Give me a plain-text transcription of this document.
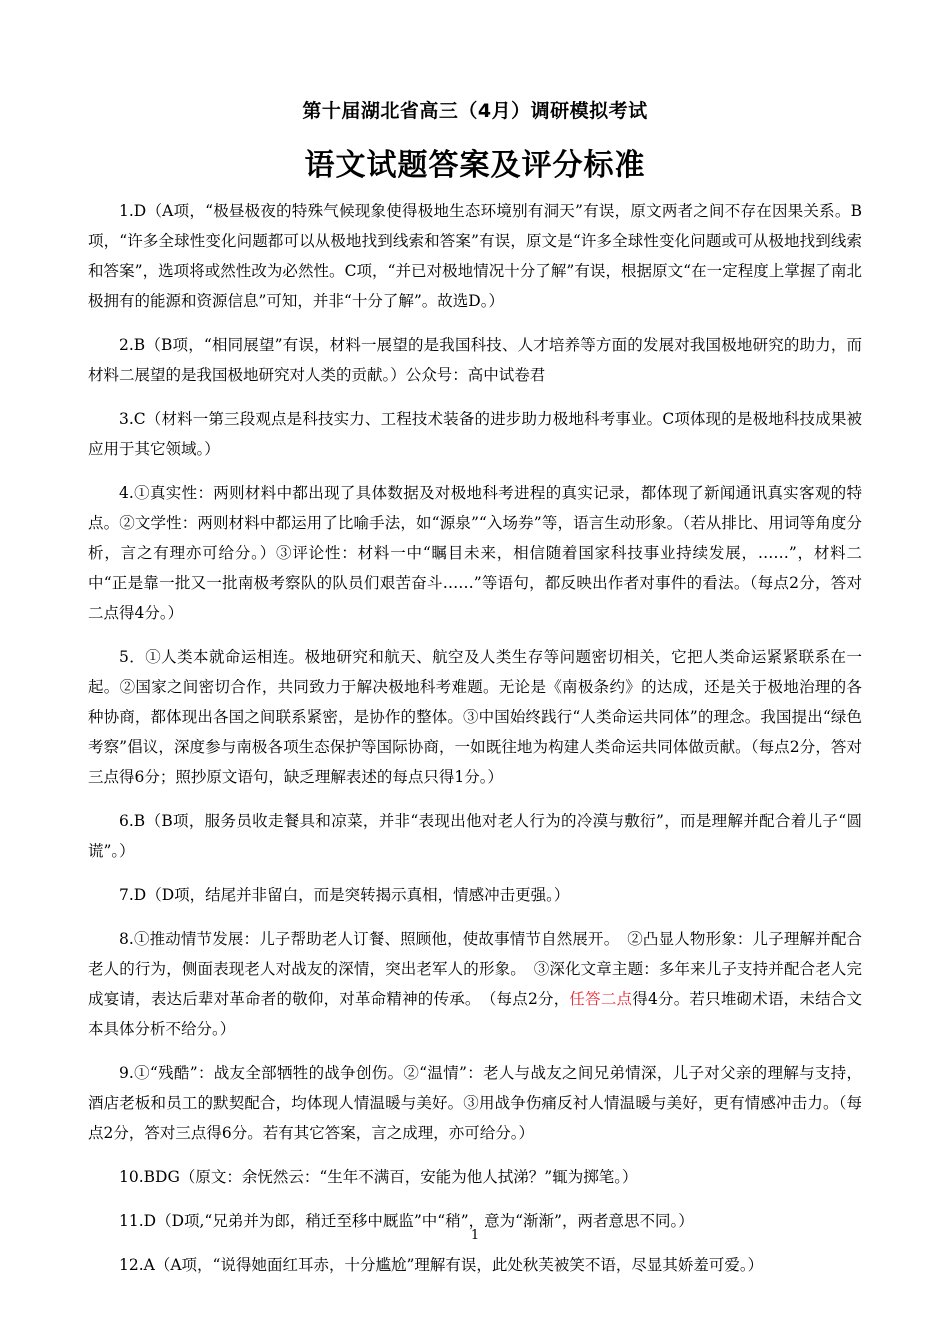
第十届湖北省高三（4月）调研模拟考试
语文试题答案及评分标准

1.D（A项，“极昼极夜的特殊气候现象使得极地生态环境别有洞天”有误，原文两者之间不存在因果关系。B项，“许多全球性变化问题都可以从极地找到线索和答案”有误，原文是“许多全球性变化问题或可从极地找到线索和答案”，选项将或然性改为必然性。C项，“并已对极地情况十分了解”有误，根据原文“在一定程度上掌握了南北极拥有的能源和资源信息”可知，并非“十分了解”。故选D。）

2.B（B项，“相同展望”有误，材料一展望的是我国科技、人才培养等方面的发展对我国极地研究的助力，而材料二展望的是我国极地研究对人类的贡献。）公众号：高中试卷君

3.C（材料一第三段观点是科技实力、工程技术装备的进步助力极地科考事业。C项体现的是极地科技成果被应用于其它领域。）

4.①真实性：两则材料中都出现了具体数据及对极地科考进程的真实记录，都体现了新闻通讯真实客观的特点。②文学性：两则材料中都运用了比喻手法，如“源泉”“入场券”等，语言生动形象。（若从排比、用词等角度分析，言之有理亦可给分。）③评论性：材料一中“瞩目未来，相信随着国家科技事业持续发展，……”，材料二中“正是靠一批又一批南极考察队的队员们艰苦奋斗……”等语句，都反映出作者对事件的看法。（每点2分，答对二点得4分。）

5．①人类本就命运相连。极地研究和航天、航空及人类生存等问题密切相关，它把人类命运紧紧联系在一起。②国家之间密切合作，共同致力于解决极地科考难题。无论是《南极条约》的达成，还是关于极地治理的各种协商，都体现出各国之间联系紧密，是协作的整体。③中国始终践行“人类命运共同体”的理念。我国提出“绿色考察”倡议，深度参与南极各项生态保护等国际协商，一如既往地为构建人类命运共同体做贡献。（每点2分，答对三点得6分；照抄原文语句，缺乏理解表述的每点只得1分。）

6.B（B项，服务员收走餐具和凉菜，并非“表现出他对老人行为的冷漠与敷衍”，而是理解并配合着儿子“圆谎”。）

7.D（D项，结尾并非留白，而是突转揭示真相，情感冲击更强。）

8.①推动情节发展：儿子帮助老人订餐、照顾他，使故事情节自然展开。　②凸显人物形象：儿子理解并配合老人的行为，侧面表现老人对战友的深情，突出老军人的形象。　③深化文章主题：多年来儿子支持并配合老人完成宴请，表达后辈对革命者的敬仰，对革命精神的传承。　（每点2分，任答二点得4分。若只堆砌术语，未结合文本具体分析不给分。）

9.①“残酷”：战友全部牺牲的战争创伤。②“温情”：老人与战友之间兄弟情深，儿子对父亲的理解与支持，酒店老板和员工的默契配合，均体现人情温暖与美好。③用战争伤痛反衬人情温暖与美好，更有情感冲击力。（每点2分，答对三点得6分。若有其它答案，言之成理，亦可给分。）

10.BDG（原文：余怃然云：“生年不满百，安能为他人拭涕？”辄为掷笔。）

11.D（D项,“兄弟并为郎，稍迁至移中厩监”中“稍”，意为“渐渐”，两者意思不同。）

12.A（A项，“说得她面红耳赤，十分尴尬”理解有误，此处秋芙被笑不语，尽显其娇羞可爱。）

1
